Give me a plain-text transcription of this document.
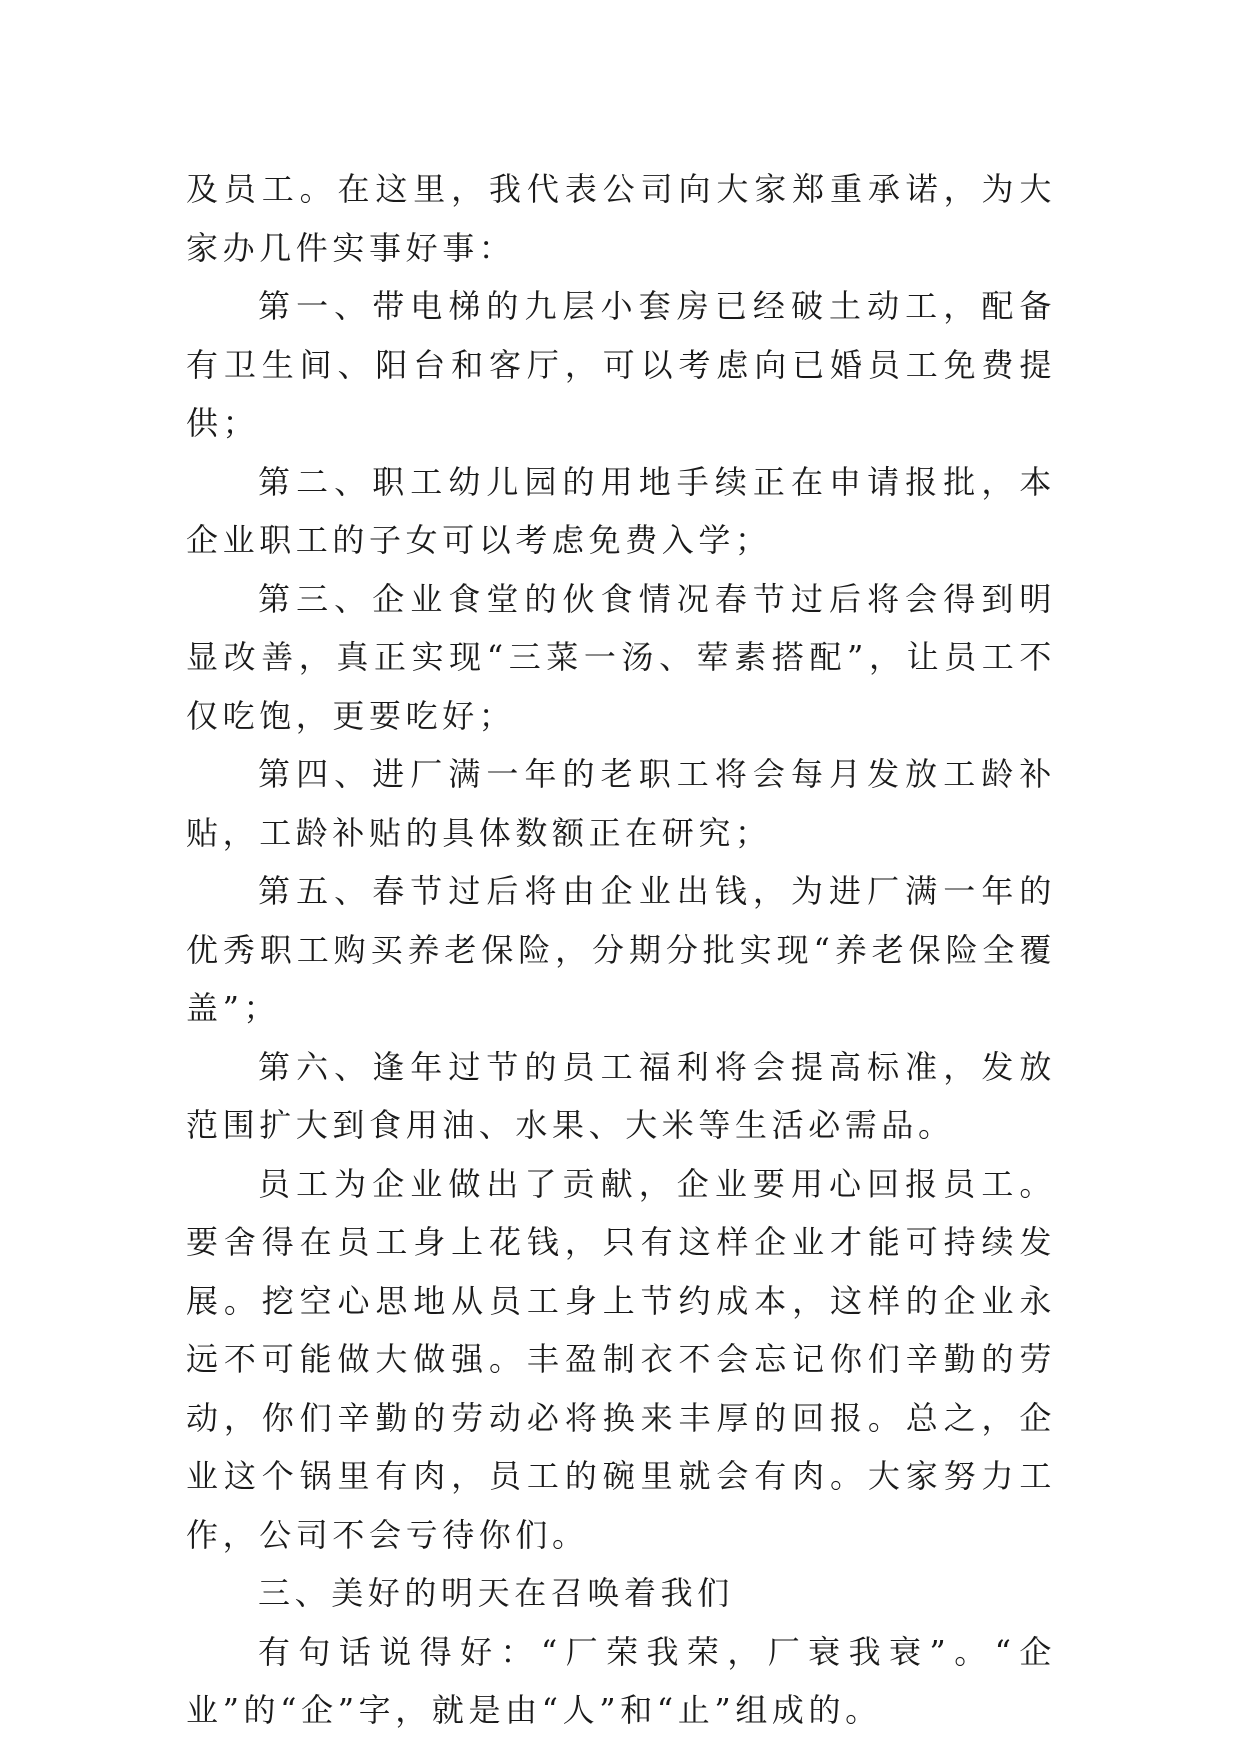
及员工。在这里，我代表公司向大家郑重承诺，为大家办几件实事好事：

第一、带电梯的九层小套房已经破土动工，配备有卫生间、阳台和客厅，可以考虑向已婚员工免费提供；

第二、职工幼儿园的用地手续正在申请报批，本企业职工的子女可以考虑免费入学；

第三、企业食堂的伙食情况春节过后将会得到明显改善，真正实现“三菜一汤、荤素搭配”，让员工不仅吃饱，更要吃好；

第四、进厂满一年的老职工将会每月发放工龄补贴，工龄补贴的具体数额正在研究；

第五、春节过后将由企业出钱，为进厂满一年的优秀职工购买养老保险，分期分批实现“养老保险全覆盖”；

第六、逢年过节的员工福利将会提高标准，发放范围扩大到食用油、水果、大米等生活必需品。

员工为企业做出了贡献，企业要用心回报员工。要舍得在员工身上花钱，只有这样企业才能可持续发展。挖空心思地从员工身上节约成本，这样的企业永远不可能做大做强。丰盈制衣不会忘记你们辛勤的劳动，你们辛勤的劳动必将换来丰厚的回报。总之，企业这个锅里有肉，员工的碗里就会有肉。大家努力工作，公司不会亏待你们。

三、美好的明天在召唤着我们

有句话说得好：“厂荣我荣，厂衰我衰”。“企业”的“企”字，就是由“人”和“止”组成的。
